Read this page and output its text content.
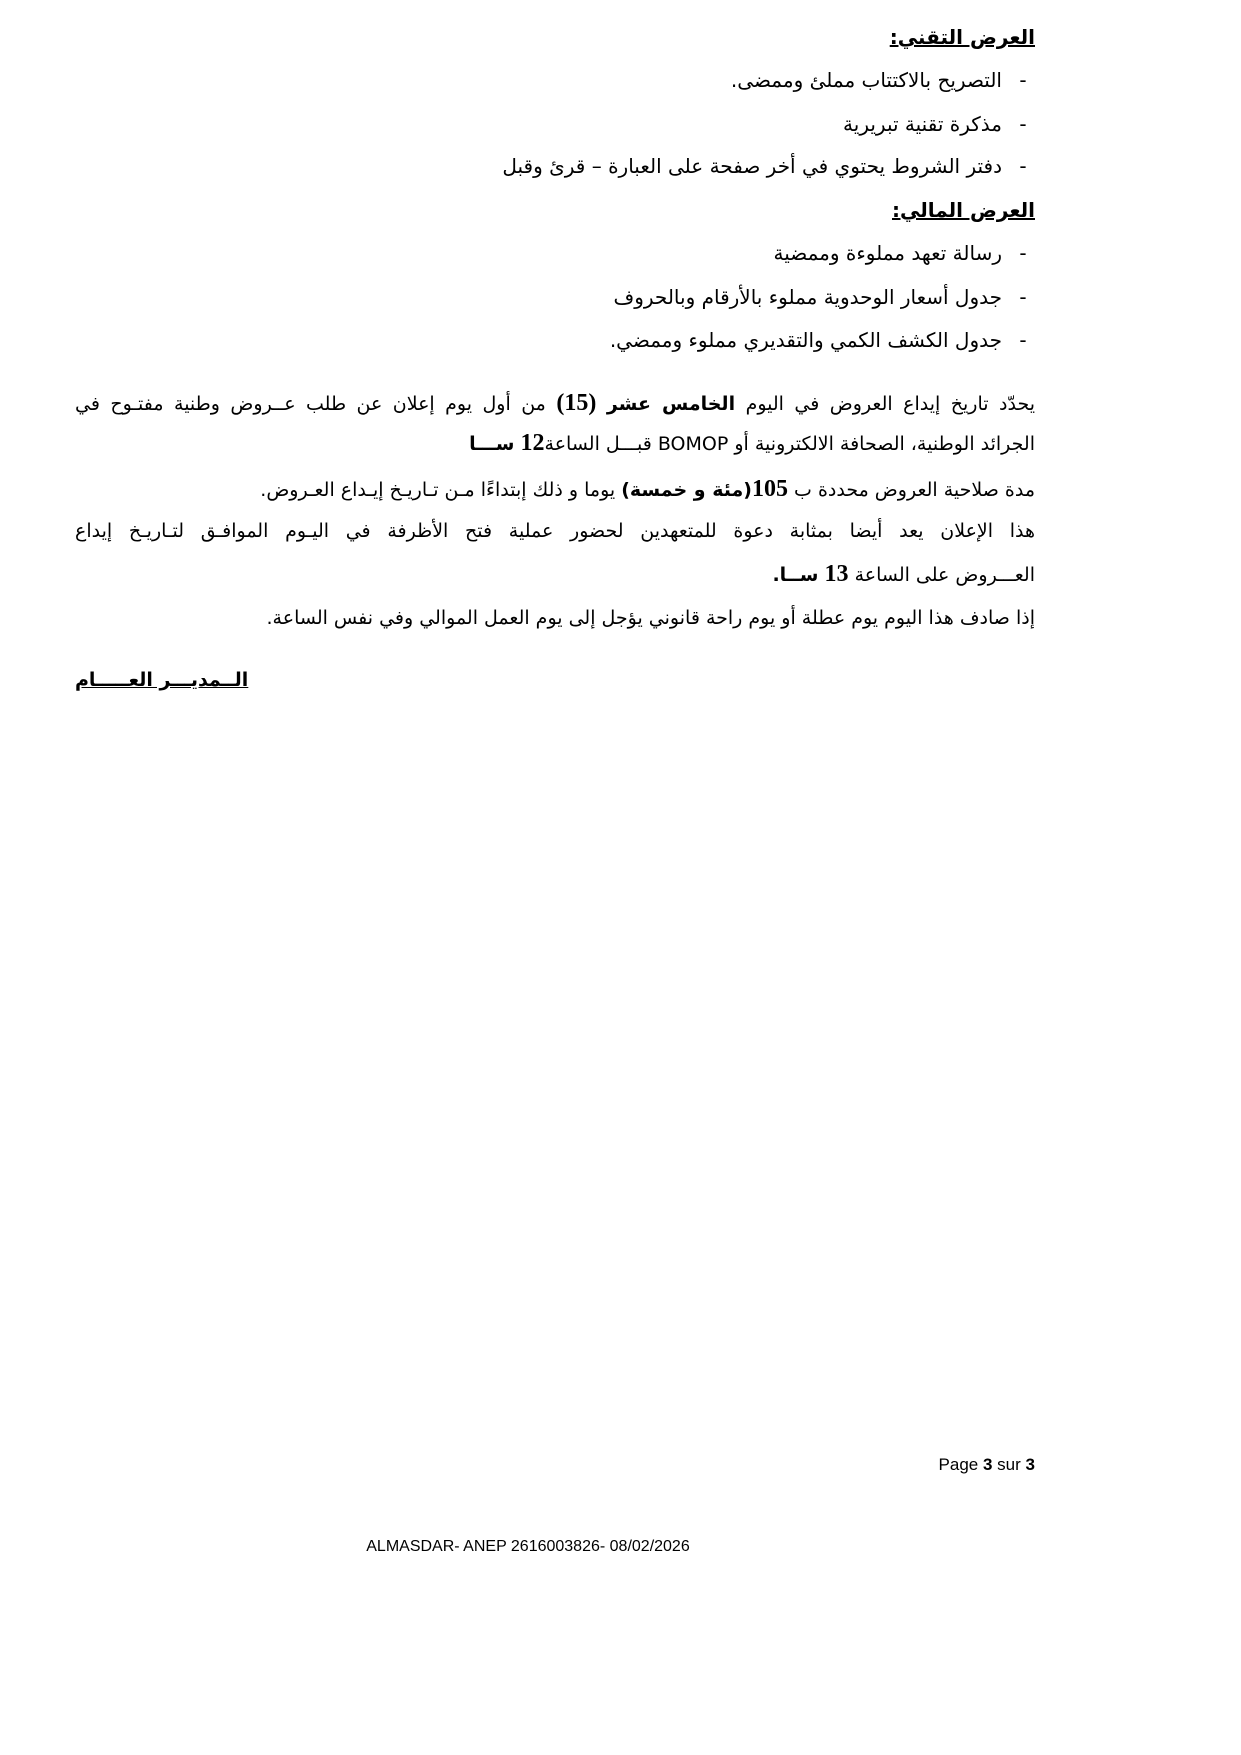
العرض التقني:
-
التصريح بالاكتتاب مملئ وممضى.
-
مذكرة تقنية تبريرية
-
دفتر الشروط يحتوي في أخر صفحة على العبارة – قرئ وقبل
العرض المالي:
-
رسالة تعهد مملوءة وممضية
-
جدول أسعار الوحدوية مملوء بالأرقام وبالحروف
-
جدول الكشف الكمي والتقديري مملوء وممضي.
يحدّد تاريخ إيداع العروض في اليوم الخامس عشر (15) من أول يوم إعلان عن طلب عــروض وطنية مفتـوح في
الجرائد الوطنية، الصحافة الالكترونية أو BOMOP قبـــل الساعة12 ســـا
مدة صلاحية العروض محددة ب 105(مئة و خمسة) يوما و ذلك إبتداءًا مـن تـاريـخ إيـداع العـروض.
هذا الإعلان يعد أيضا بمثابة دعوة للمتعهدين لحضور عملية فتح الأظرفة في اليـوم الموافـق لتـاريـخ إيداع
العـــروض على الساعة 13 ســا.
إذا صادف هذا اليوم يوم عطلة أو يوم راحة قانوني يؤجل إلى يوم العمل الموالي وفي نفس الساعة.
الــمديـــر العـــــام
Page 3 sur 3
ALMASDAR- ANEP 2616003826- 08/02/2026
